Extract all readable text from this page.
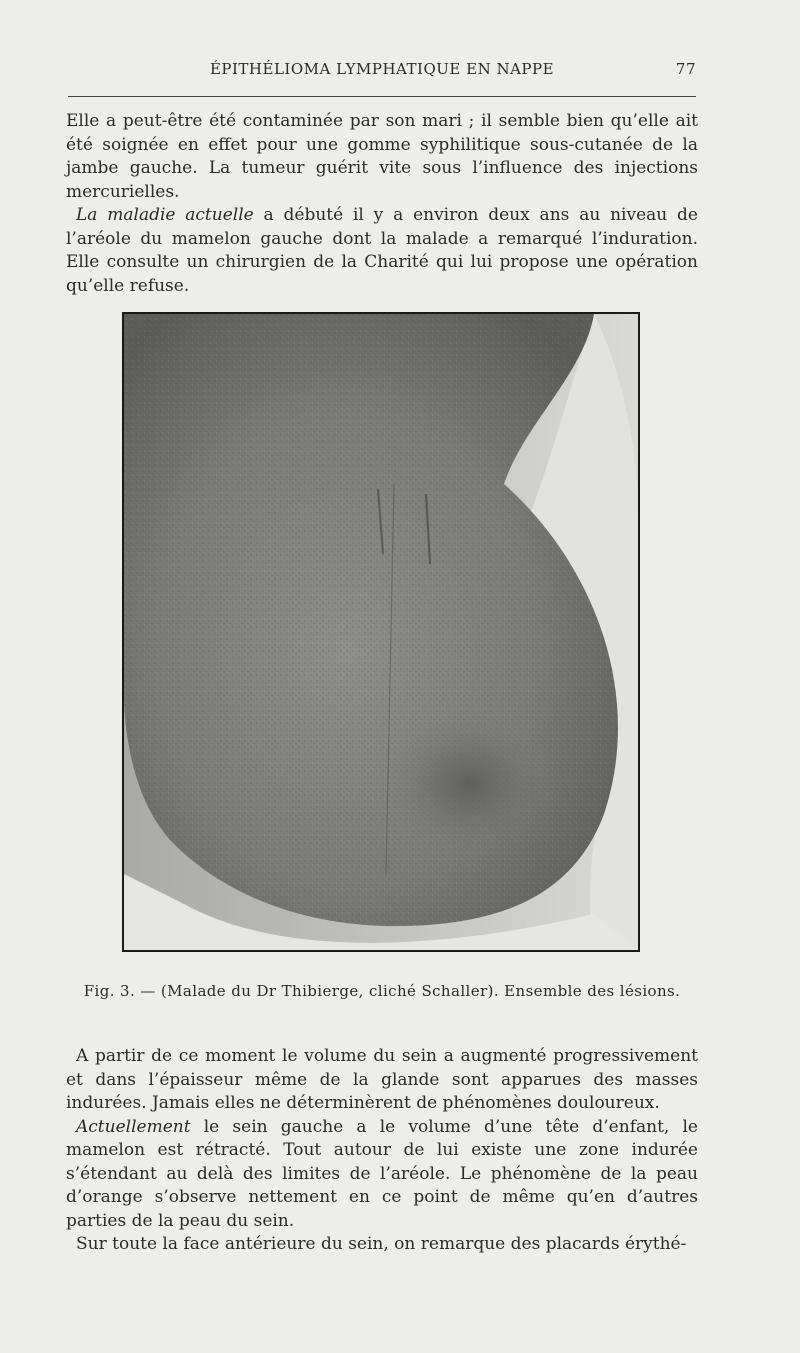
ÉPITHÉLIOMA LYMPHATIQUE EN NAPPE	77

Elle a peut-être été contaminée par son mari ; il semble bien qu’elle ait été soignée en effet pour une gomme syphilitique sous-cutanée de la jambe gauche. La tumeur guérit vite sous l’influence des injections mercurielles.

La maladie actuelle a débuté il y a environ deux ans au niveau de l’aréole du mamelon gauche dont la malade a remarqué l’induration. Elle consulte un chirurgien de la Charité qui lui propose une opération qu’elle refuse.

Fig. 3. — (Malade du Dr Thibierge, cliché Schaller). Ensemble des lésions.

A partir de ce moment le volume du sein a augmenté progressivement et dans l’épaisseur même de la glande sont apparues des masses indurées. Jamais elles ne déterminèrent de phénomènes douloureux.

Actuellement le sein gauche a le volume d’une tête d’enfant, le mamelon est rétracté. Tout autour de lui existe une zone indurée s’étendant au delà des limites de l’aréole. Le phénomène de la peau d’orange s’observe nettement en ce point de même qu’en d’autres parties de la peau du sein.

Sur toute la face antérieure du sein, on remarque des placards érythé-
